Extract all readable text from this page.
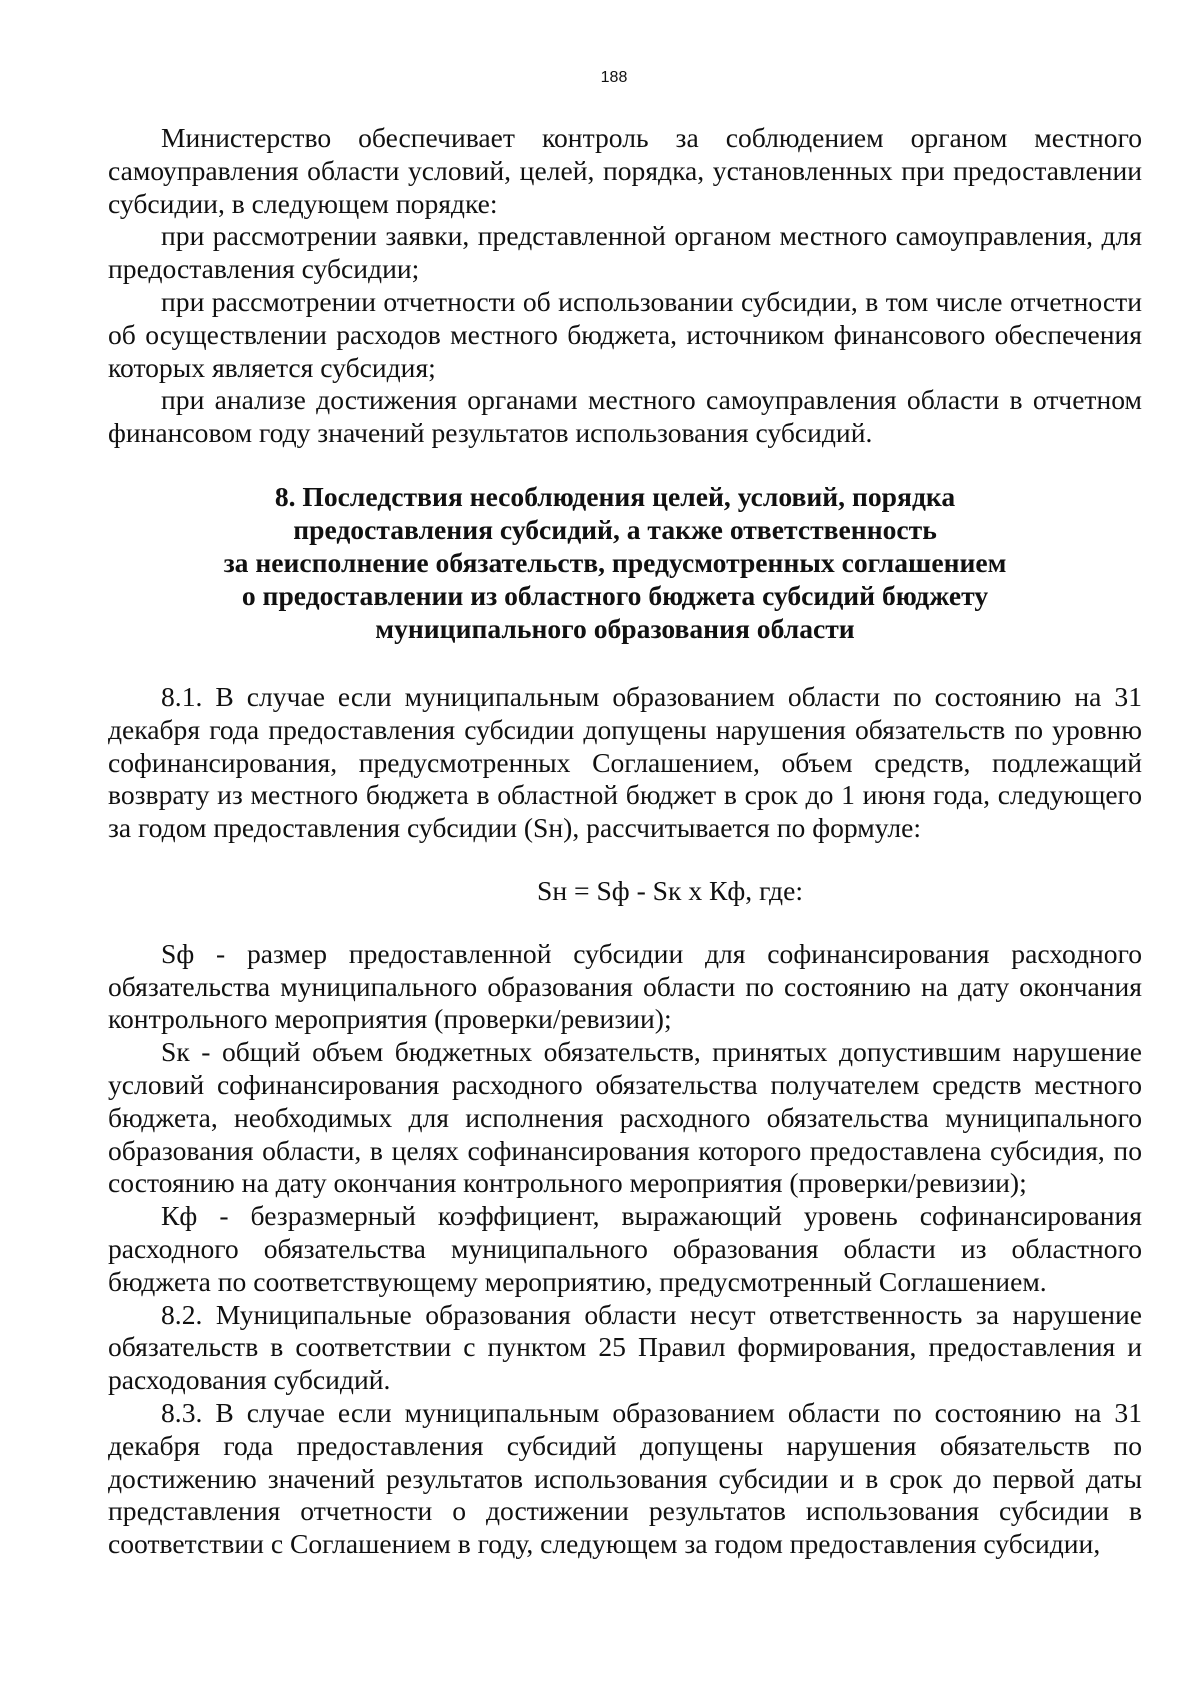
188

Министерство обеспечивает контроль за соблюдением органом местного самоуправления области условий, целей, порядка, установленных при предоставлении субсидии, в следующем порядке:

при рассмотрении заявки, представленной органом местного самоуправления, для предоставления субсидии;

при рассмотрении отчетности об использовании субсидии, в том числе отчетности об осуществлении расходов местного бюджета, источником финансового обеспечения которых является субсидия;

при анализе достижения органами местного самоуправления области в отчетном финансовом году значений результатов использования субсидий.

8. Последствия несоблюдения целей, условий, порядка
предоставления субсидий, а также ответственность
за неисполнение обязательств, предусмотренных соглашением
о предоставлении из областного бюджета субсидий бюджету
муниципального образования области

8.1. В случае если муниципальным образованием области по состоянию на 31 декабря года предоставления субсидии допущены нарушения обязательств по уровню софинансирования, предусмотренных Соглашением, объем средств, подлежащий возврату из местного бюджета в областной бюджет в срок до 1 июня года, следующего за годом предоставления субсидии (Sн), рассчитывается по формуле:

Sн = Sф - Sк х Кф, где:

Sф - размер предоставленной субсидии для софинансирования расходного обязательства муниципального образования области по состоянию на дату окончания контрольного мероприятия (проверки/ревизии);

Sк - общий объем бюджетных обязательств, принятых допустившим нарушение условий софинансирования расходного обязательства получателем средств местного бюджета, необходимых для исполнения расходного обязательства муниципального образования области, в целях софинансирования которого предоставлена субсидия, по состоянию на дату окончания контрольного мероприятия (проверки/ревизии);

Кф - безразмерный коэффициент, выражающий уровень софинансирования расходного обязательства муниципального образования области из областного бюджета по соответствующему мероприятию, предусмотренный Соглашением.

8.2. Муниципальные образования области несут ответственность за нарушение обязательств в соответствии с пунктом 25 Правил формирования, предоставления и расходования субсидий.

8.3. В случае если муниципальным образованием области по состоянию на 31 декабря года предоставления субсидий допущены нарушения обязательств по достижению значений результатов использования субсидии и в срок до первой даты представления отчетности о достижении результатов использования субсидии в соответствии с Соглашением в году, следующем за годом предоставления субсидии,
